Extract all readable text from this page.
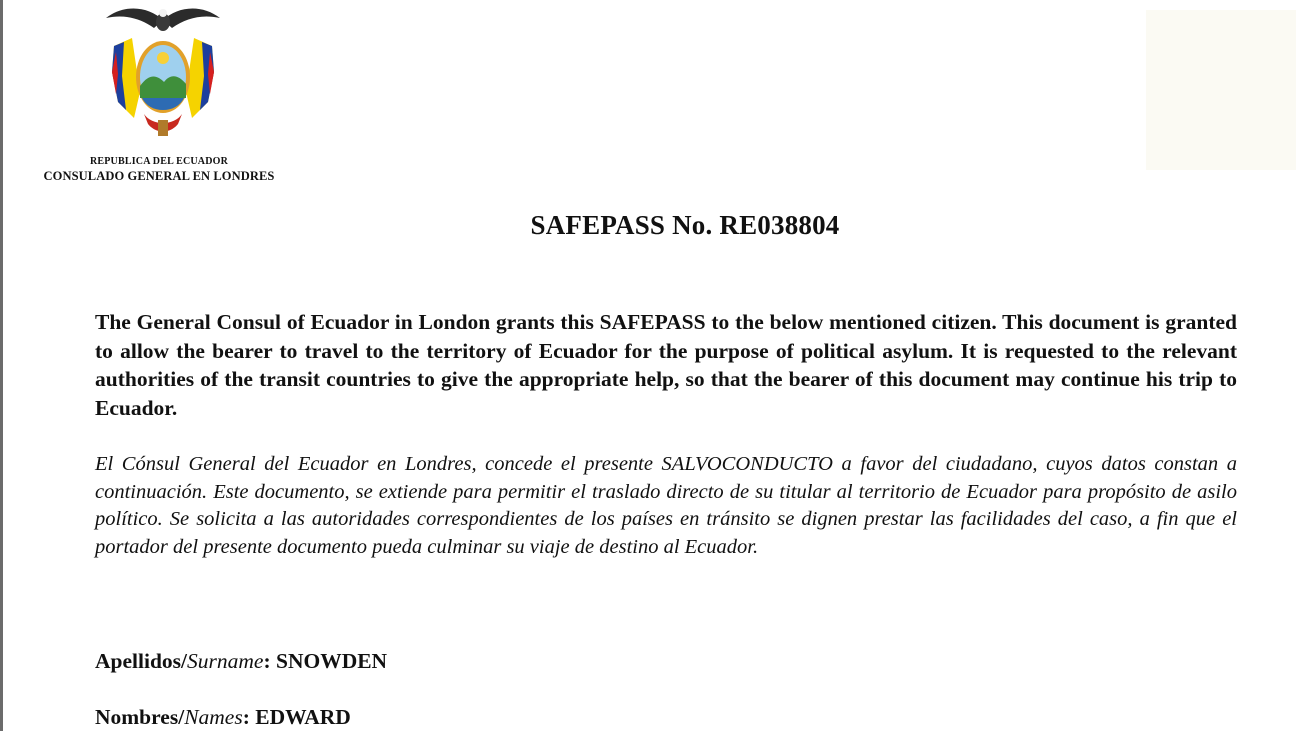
REPUBLICA DEL ECUADOR
CONSULADO GENERAL EN LONDRES
SAFEPASS No. RE038804

The General Consul of Ecuador in London grants this SAFEPASS to the below mentioned citizen. This document is granted to allow the bearer to travel to the territory of Ecuador for the purpose of political asylum. It is requested to the relevant authorities of the transit countries to give the appropriate help, so that the bearer of this document may continue his trip to Ecuador.

El Cónsul General del Ecuador en Londres, concede el presente SALVOCONDUCTO a favor del ciudadano, cuyos datos constan a continuación. Este documento, se extiende para permitir el traslado directo de su titular al territorio de Ecuador para propósito de asilo político. Se solicita a las autoridades correspondientes de los países en tránsito se dignen prestar las facilidades del caso, a fin que el portador del presente documento pueda culminar su viaje de destino al Ecuador.

Apellidos/Surname: SNOWDEN
Nombres/Names: EDWARD
